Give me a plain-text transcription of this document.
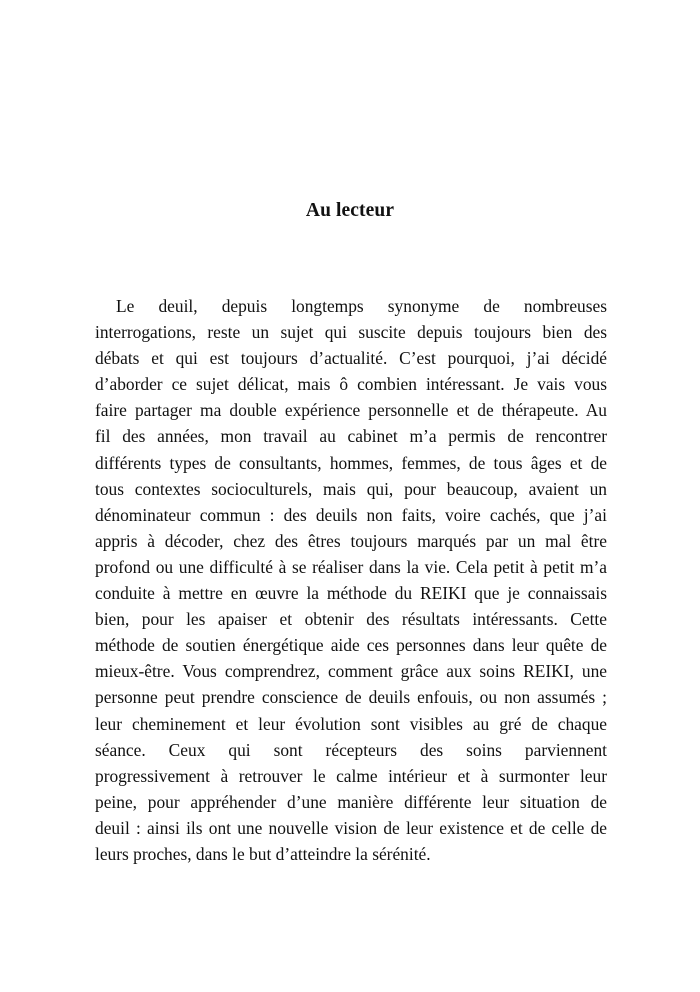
Au lecteur
Le deuil, depuis longtemps synonyme de nombreuses
interrogations, reste un sujet qui suscite depuis toujours bien des
débats et qui est toujours d’actualité. C’est pourquoi, j’ai décidé
d’aborder ce sujet délicat, mais ô combien intéressant. Je vais vous
faire partager ma double expérience personnelle et de thérapeute. Au
fil des années, mon travail au cabinet m’a permis de rencontrer
différents types de consultants, hommes, femmes, de tous âges et de
tous contextes socioculturels, mais qui, pour beaucoup, avaient un
dénominateur commun : des deuils non faits, voire cachés, que j’ai
appris à décoder, chez des êtres toujours marqués par un mal être
profond ou une difficulté à se réaliser dans la vie. Cela petit à petit m’a
conduite à mettre en œuvre la méthode du REIKI que je connaissais
bien, pour les apaiser et obtenir des résultats intéressants. Cette
méthode de soutien énergétique aide ces personnes dans leur quête de
mieux-être. Vous comprendrez, comment grâce aux soins REIKI, une
personne peut prendre conscience de deuils enfouis, ou non assumés ;
leur cheminement et leur évolution sont visibles au gré de chaque
séance. Ceux qui sont récepteurs des soins parviennent
progressivement à retrouver le calme intérieur et à surmonter leur
peine, pour appréhender d’une manière différente leur situation de
deuil : ainsi ils ont une nouvelle vision de leur existence et de celle de
leurs proches, dans le but d’atteindre la sérénité.
